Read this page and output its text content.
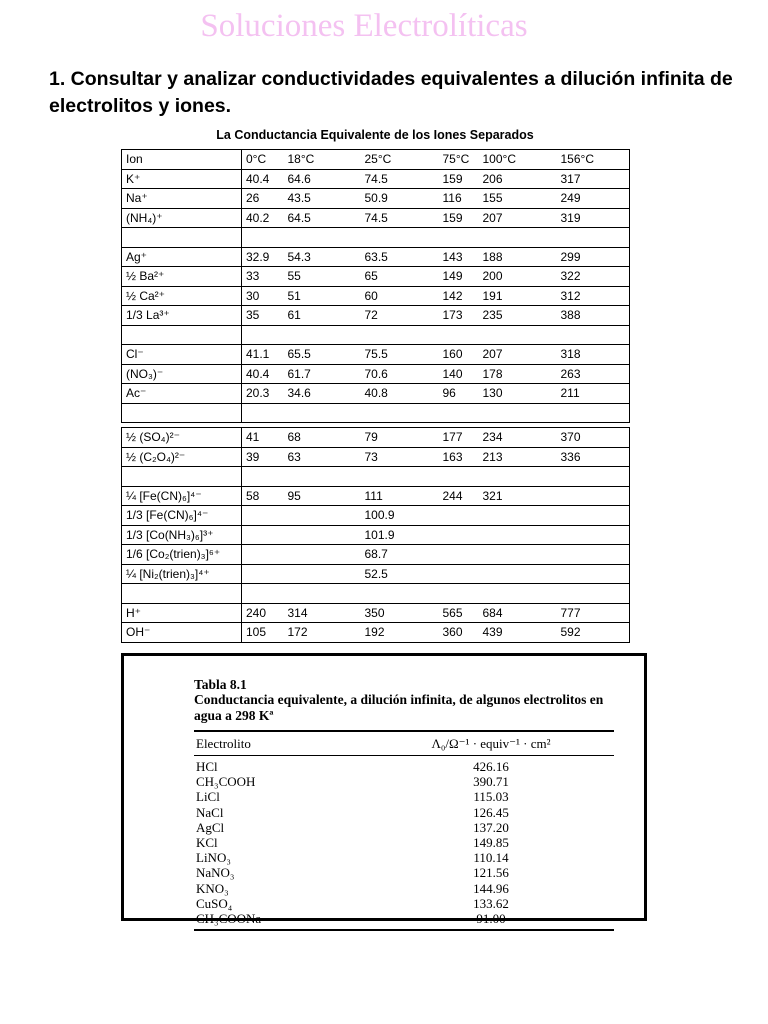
Soluciones Electrolíticas
1. Consultar y analizar conductividades equivalentes a dilución infinita de electrolitos y iones.
La Conductancia Equivalente de los Iones Separados
Ion	0°C	18°C	25°C	75°C	100°C	156°C
K⁺	40.4	64.6	74.5	159	206	317
Na⁺	26	43.5	50.9	116	155	249
(NH₄)⁺	40.2	64.5	74.5	159	207	319

Ag⁺	32.9	54.3	63.5	143	188	299
½ Ba²⁺	33	55	65	149	200	322
½ Ca²⁺	30	51	60	142	191	312
1/3 La³⁺	35	61	72	173	235	388

Cl⁻	41.1	65.5	75.5	160	207	318
(NO₃)⁻	40.4	61.7	70.6	140	178	263
Ac⁻	20.3	34.6	40.8	96	130	211

½ (SO₄)²⁻	41	68	79	177	234	370
½ (C₂O₄)²⁻	39	63	73	163	213	336

¼ [Fe(CN)₆]⁴⁻	58	95	111	244	321	
1/3 [Fe(CN)₆]⁴⁻			100.9			
1/3 [Co(NH₃)₆]³⁺			101.9			
1/6 [Co₂(trien)₃]⁶⁺			68.7			
¼ [Ni₂(trien)₃]⁴⁺			52.5			

H⁺	240	314	350	565	684	777
OH⁻	105	172	192	360	439	592
Tabla 8.1
Conductancia equivalente, a dilución infinita, de algunos electrolitos en agua a 298 Kª
Electrolito	Λ₀/Ω⁻¹ · equiv⁻¹ · cm²
HCl	426.16
CH₃COOH	390.71
LiCl	115.03
NaCl	126.45
AgCl	137.20
KCl	149.85
LiNO₃	110.14
NaNO₃	121.56
KNO₃	144.96
CuSO₄	133.62
CH₃COONa	91.00
